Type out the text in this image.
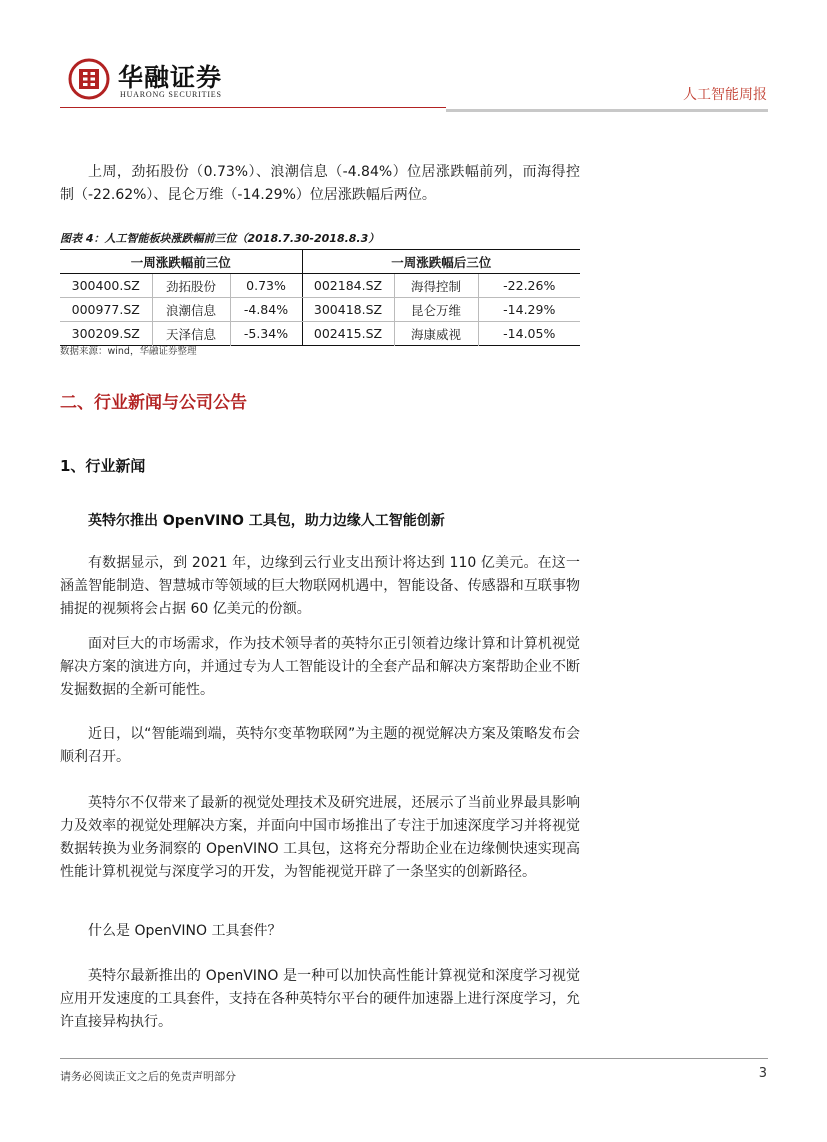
华融证券
HUARONG SECURITIES	人工智能周报

上周，劲拓股份（0.73%）、浪潮信息（-4.84%）位居涨跌幅前列，而海得控制（-22.62%）、昆仑万维（-14.29%）位居涨跌幅后两位。

图表 4：人工智能板块涨跌幅前三位（2018.7.30-2018.8.3）
一周涨跌幅前三位			一周涨跌幅后三位		
300400.SZ	劲拓股份	0.73%	002184.SZ	海得控制	-22.26%
000977.SZ	浪潮信息	-4.84%	300418.SZ	昆仑万维	-14.29%
300209.SZ	天泽信息	-5.34%	002415.SZ	海康威视	-14.05%
数据来源：wind，华融证券整理
二、行业新闻与公司公告
1、行业新闻
英特尔推出 OpenVINO 工具包，助力边缘人工智能创新

有数据显示，到 2021 年，边缘到云行业支出预计将达到 110 亿美元。在这一涵盖智能制造、智慧城市等领域的巨大物联网机遇中，智能设备、传感器和互联事物捕捉的视频将会占据 60 亿美元的份额。

面对巨大的市场需求，作为技术领导者的英特尔正引领着边缘计算和计算机视觉解决方案的演进方向，并通过专为人工智能设计的全套产品和解决方案帮助企业不断发掘数据的全新可能性。

近日，以“智能端到端，英特尔变革物联网”为主题的视觉解决方案及策略发布会顺利召开。

英特尔不仅带来了最新的视觉处理技术及研究进展，还展示了当前业界最具影响力及效率的视觉处理解决方案，并面向中国市场推出了专注于加速深度学习并将视觉数据转换为业务洞察的 OpenVINO 工具包，这将充分帮助企业在边缘侧快速实现高性能计算机视觉与深度学习的开发，为智能视觉开辟了一条坚实的创新路径。

什么是 OpenVINO 工具套件？

英特尔最新推出的 OpenVINO 是一种可以加快高性能计算视觉和深度学习视觉应用开发速度的工具套件，支持在各种英特尔平台的硬件加速器上进行深度学习，允许直接异构执行。

请务必阅读正文之后的免责声明部分	3
